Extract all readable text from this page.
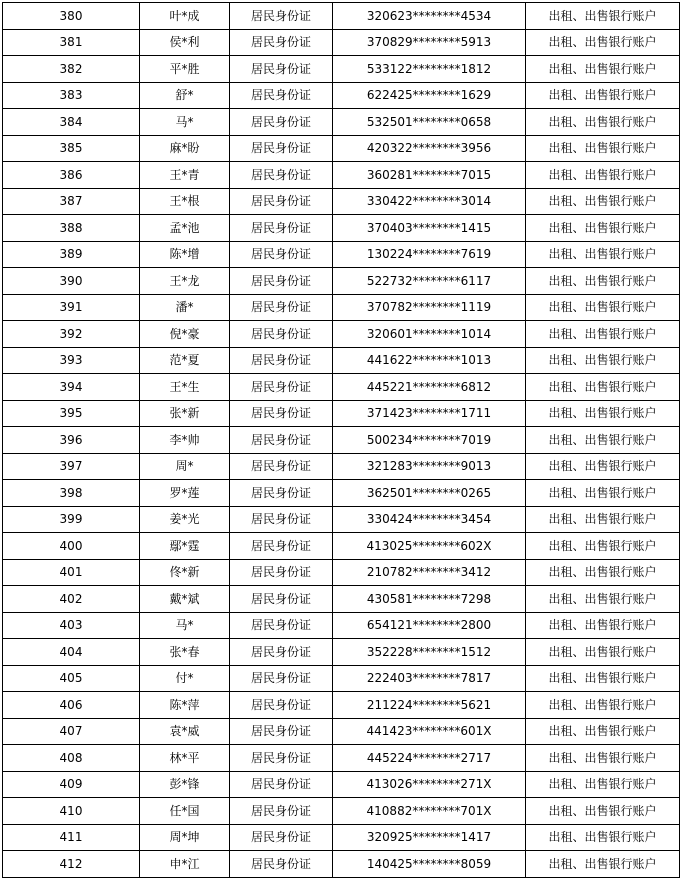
380	叶*成	居民身份证	320623********4534	出租、出售银行账户
381	侯*利	居民身份证	370829********5913	出租、出售银行账户
382	平*胜	居民身份证	533122********1812	出租、出售银行账户
383	舒*	居民身份证	622425********1629	出租、出售银行账户
384	马*	居民身份证	532501********0658	出租、出售银行账户
385	麻*盼	居民身份证	420322********3956	出租、出售银行账户
386	王*青	居民身份证	360281********7015	出租、出售银行账户
387	王*根	居民身份证	330422********3014	出租、出售银行账户
388	孟*池	居民身份证	370403********1415	出租、出售银行账户
389	陈*增	居民身份证	130224********7619	出租、出售银行账户
390	王*龙	居民身份证	522732********6117	出租、出售银行账户
391	潘*	居民身份证	370782********1119	出租、出售银行账户
392	倪*豪	居民身份证	320601********1014	出租、出售银行账户
393	范*夏	居民身份证	441622********1013	出租、出售银行账户
394	王*生	居民身份证	445221********6812	出租、出售银行账户
395	张*新	居民身份证	371423********1711	出租、出售银行账户
396	李*帅	居民身份证	500234********7019	出租、出售银行账户
397	周*	居民身份证	321283********9013	出租、出售银行账户
398	罗*莲	居民身份证	362501********0265	出租、出售银行账户
399	姜*光	居民身份证	330424********3454	出租、出售银行账户
400	鄢*霆	居民身份证	413025********602X	出租、出售银行账户
401	佟*新	居民身份证	210782********3412	出租、出售银行账户
402	戴*斌	居民身份证	430581********7298	出租、出售银行账户
403	马*	居民身份证	654121********2800	出租、出售银行账户
404	张*春	居民身份证	352228********1512	出租、出售银行账户
405	付*	居民身份证	222403********7817	出租、出售银行账户
406	陈*萍	居民身份证	211224********5621	出租、出售银行账户
407	袁*威	居民身份证	441423********601X	出租、出售银行账户
408	林*平	居民身份证	445224********2717	出租、出售银行账户
409	彭*锋	居民身份证	413026********271X	出租、出售银行账户
410	任*国	居民身份证	410882********701X	出租、出售银行账户
411	周*坤	居民身份证	320925********1417	出租、出售银行账户
412	申*江	居民身份证	140425********8059	出租、出售银行账户
